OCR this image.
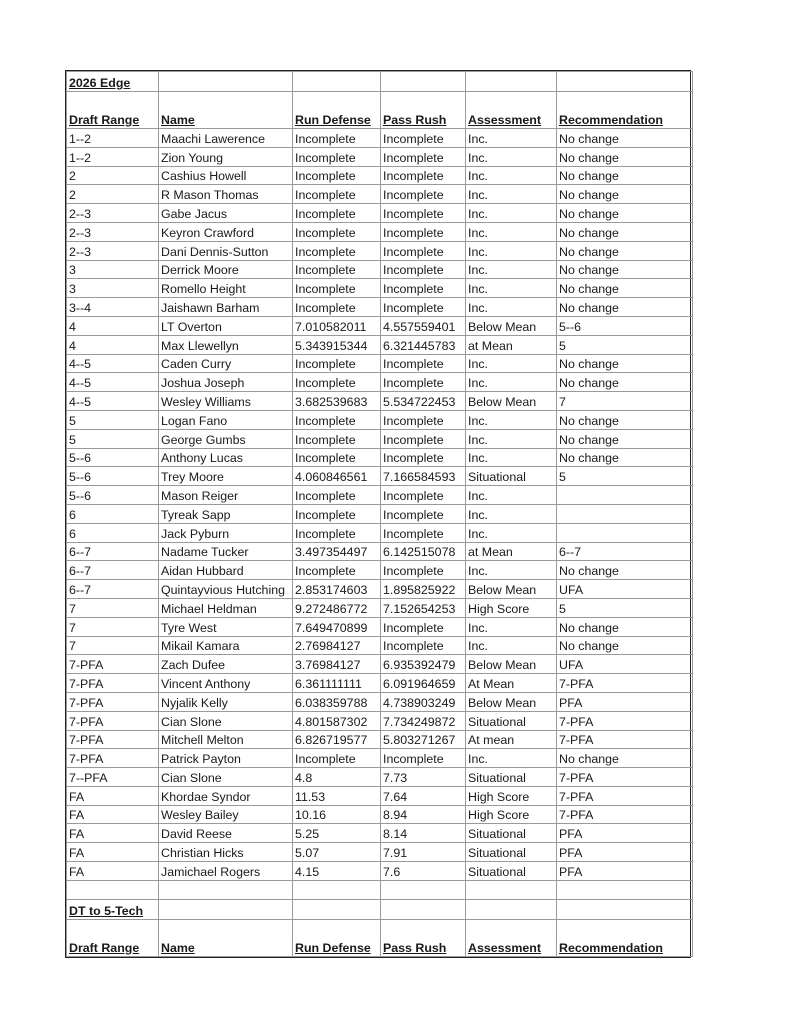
2026 Edge					
Draft Range	Name	Run Defense	Pass Rush	Assessment	Recommendation
1--2	Maachi Lawerence	Incomplete	Incomplete	Inc.	No change
1--2	Zion Young	Incomplete	Incomplete	Inc.	No change
2	Cashius Howell	Incomplete	Incomplete	Inc.	No change
2	R Mason Thomas	Incomplete	Incomplete	Inc.	No change
2--3	Gabe Jacus	Incomplete	Incomplete	Inc.	No change
2--3	Keyron Crawford	Incomplete	Incomplete	Inc.	No change
2--3	Dani Dennis-Sutton	Incomplete	Incomplete	Inc.	No change
3	Derrick Moore	Incomplete	Incomplete	Inc.	No change
3	Romello Height	Incomplete	Incomplete	Inc.	No change
3--4	Jaishawn Barham	Incomplete	Incomplete	Inc.	No change
4	LT Overton	7.010582011	4.557559401	Below Mean	5--6
4	Max Llewellyn	5.343915344	6.321445783	at Mean	5
4--5	Caden Curry	Incomplete	Incomplete	Inc.	No change
4--5	Joshua Joseph	Incomplete	Incomplete	Inc.	No change
4--5	Wesley Williams	3.682539683	5.534722453	Below Mean	7
5	Logan Fano	Incomplete	Incomplete	Inc.	No change
5	George Gumbs	Incomplete	Incomplete	Inc.	No change
5--6	Anthony Lucas	Incomplete	Incomplete	Inc.	No change
5--6	Trey Moore	4.060846561	7.166584593	Situational	5
5--6	Mason Reiger	Incomplete	Incomplete	Inc.	
6	Tyreak Sapp	Incomplete	Incomplete	Inc.	
6	Jack Pyburn	Incomplete	Incomplete	Inc.	
6--7	Nadame Tucker	3.497354497	6.142515078	at Mean	6--7
6--7	Aidan Hubbard	Incomplete	Incomplete	Inc.	No change
6--7	Quintayvious Hutching	2.853174603	1.895825922	Below Mean	UFA
7	Michael Heldman	9.272486772	7.152654253	High Score	5
7	Tyre West	7.649470899	Incomplete	Inc.	No change
7	Mikail Kamara	2.76984127	Incomplete	Inc.	No change
7-PFA	Zach Dufee	3.76984127	6.935392479	Below Mean	UFA
7-PFA	Vincent Anthony	6.361111111	6.091964659	At Mean	7-PFA
7-PFA	Nyjalik Kelly	6.038359788	4.738903249	Below Mean	PFA
7-PFA	Cian Slone	4.801587302	7.734249872	Situational	7-PFA
7-PFA	Mitchell Melton	6.826719577	5.803271267	At mean	7-PFA
7-PFA	Patrick Payton	Incomplete	Incomplete	Inc.	No change
7--PFA	Cian Slone	4.8	7.73	Situational	7-PFA
FA	Khordae Syndor	11.53	7.64	High Score	7-PFA
FA	Wesley Bailey	10.16	8.94	High Score	7-PFA
FA	David Reese	5.25	8.14	Situational	PFA
FA	Christian Hicks	5.07	7.91	Situational	PFA
FA	Jamichael Rogers	4.15	7.6	Situational	PFA

DT to 5-Tech					
Draft Range	Name	Run Defense	Pass Rush	Assessment	Recommendation
